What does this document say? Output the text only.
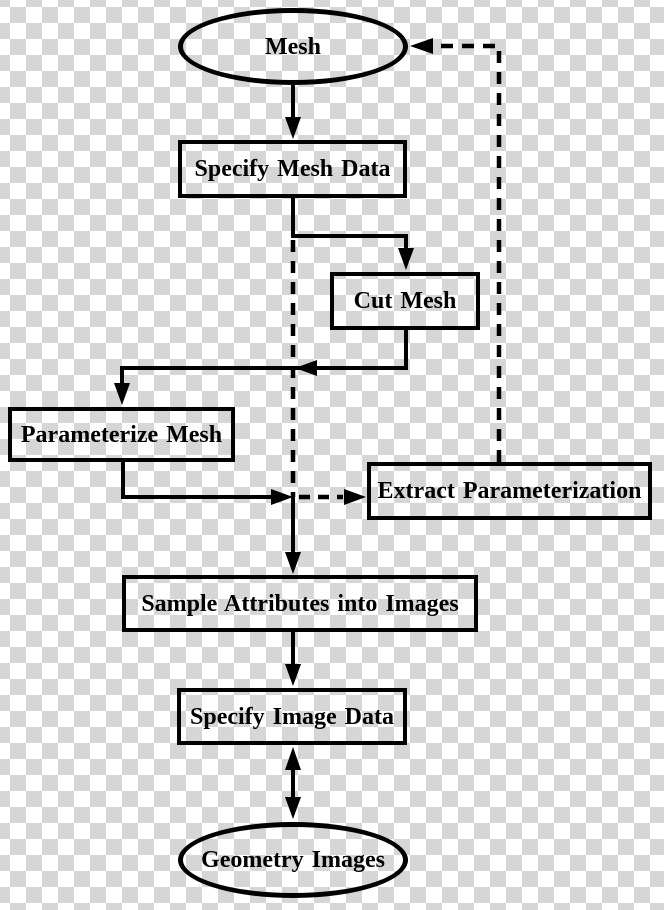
Mesh
Specify Mesh Data
Cut Mesh
Parameterize Mesh
Extract Parameterization
Sample Attributes into Images
Specify Image Data
Geometry Images
